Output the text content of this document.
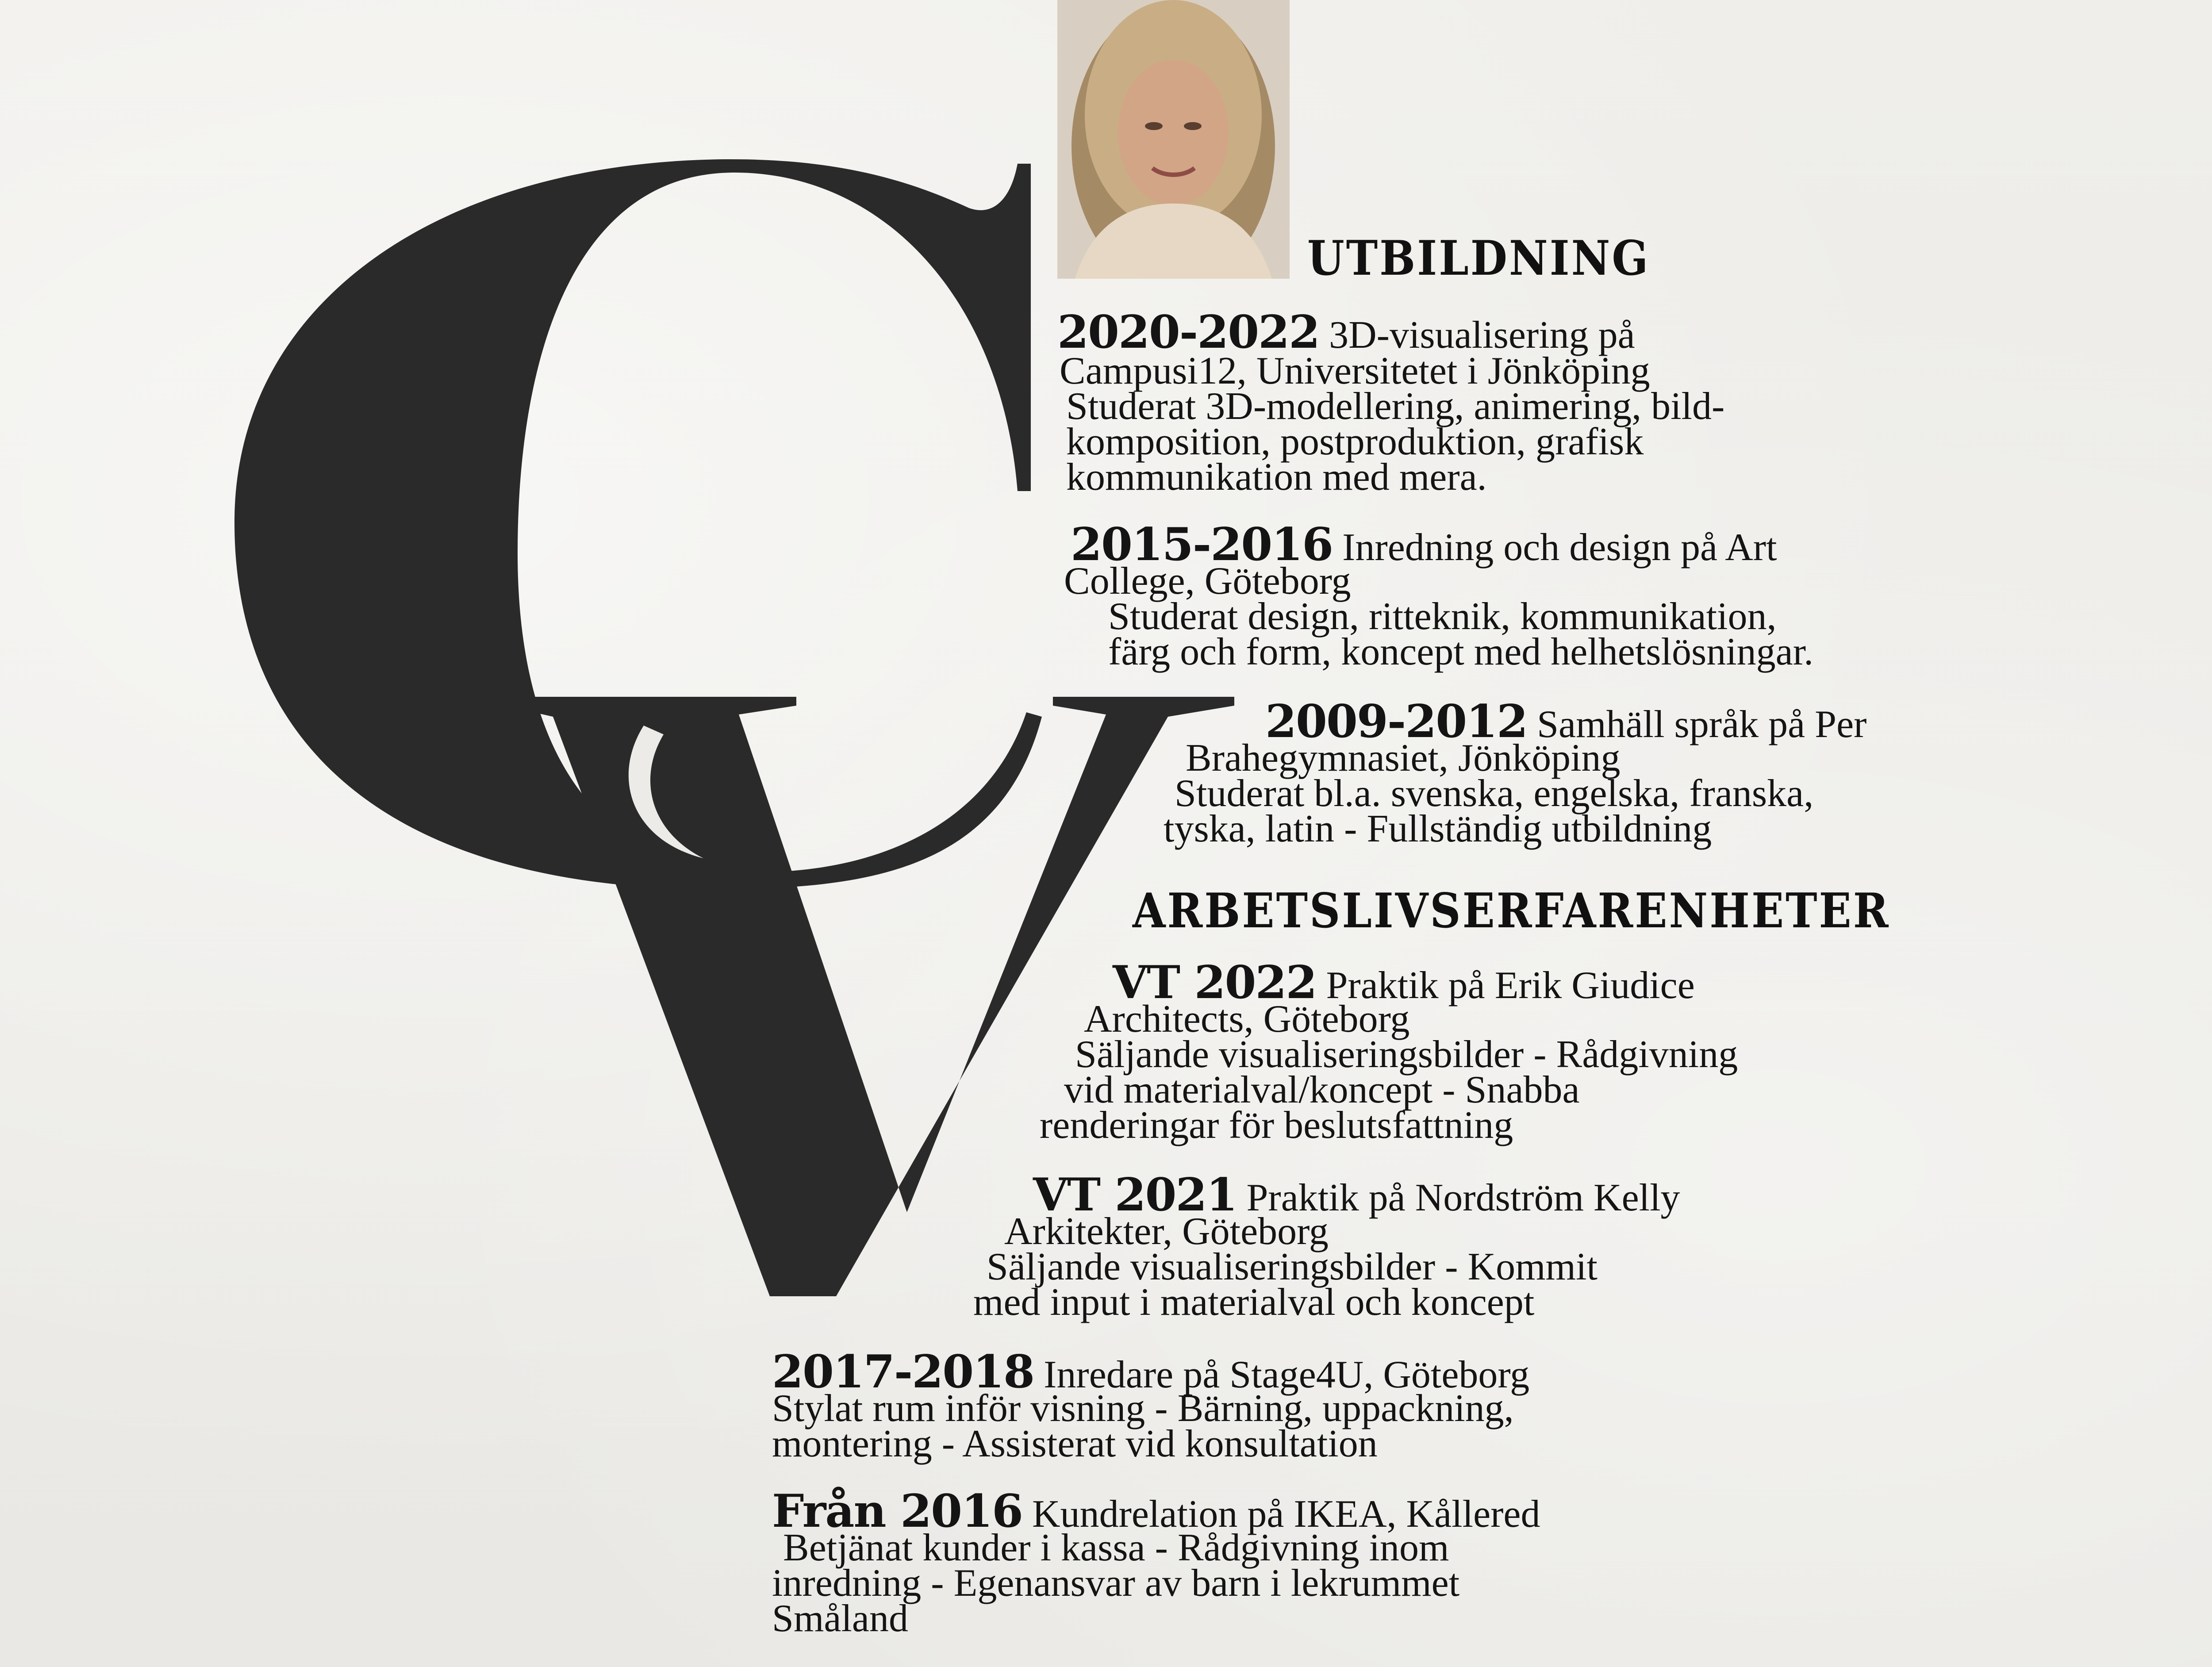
UTBILDNING

2020-2022 3D-visualisering på

Campusi12, Universitetet i Jönköping

Studerat 3D-modellering, animering, bild-

komposition, postproduktion, grafisk

kommunikation med mera.

2015-2016 Inredning och design på Art

College, Göteborg

Studerat design, ritteknik, kommunikation,

färg och form, koncept med helhetslösningar.

2009-2012 Samhäll språk på Per

Brahegymnasiet, Jönköping

Studerat bl.a. svenska, engelska, franska,

tyska, latin - Fullständig utbildning

ARBETSLIVSERFARENHETER

VT 2022 Praktik på Erik Giudice

Architects, Göteborg

Säljande visualiseringsbilder - Rådgivning

vid materialval/koncept - Snabba

renderingar för beslutsfattning

VT 2021 Praktik på Nordström Kelly

Arkitekter, Göteborg

Säljande visualiseringsbilder - Kommit

med input i materialval och koncept

2017-2018 Inredare på Stage4U, Göteborg

Stylat rum inför visning - Bärning, uppackning,

montering - Assisterat vid konsultation

Från 2016 Kundrelation på IKEA, Kållered

Betjänat kunder i kassa - Rådgivning inom

inredning - Egenansvar av barn i lekrummet

Småland
